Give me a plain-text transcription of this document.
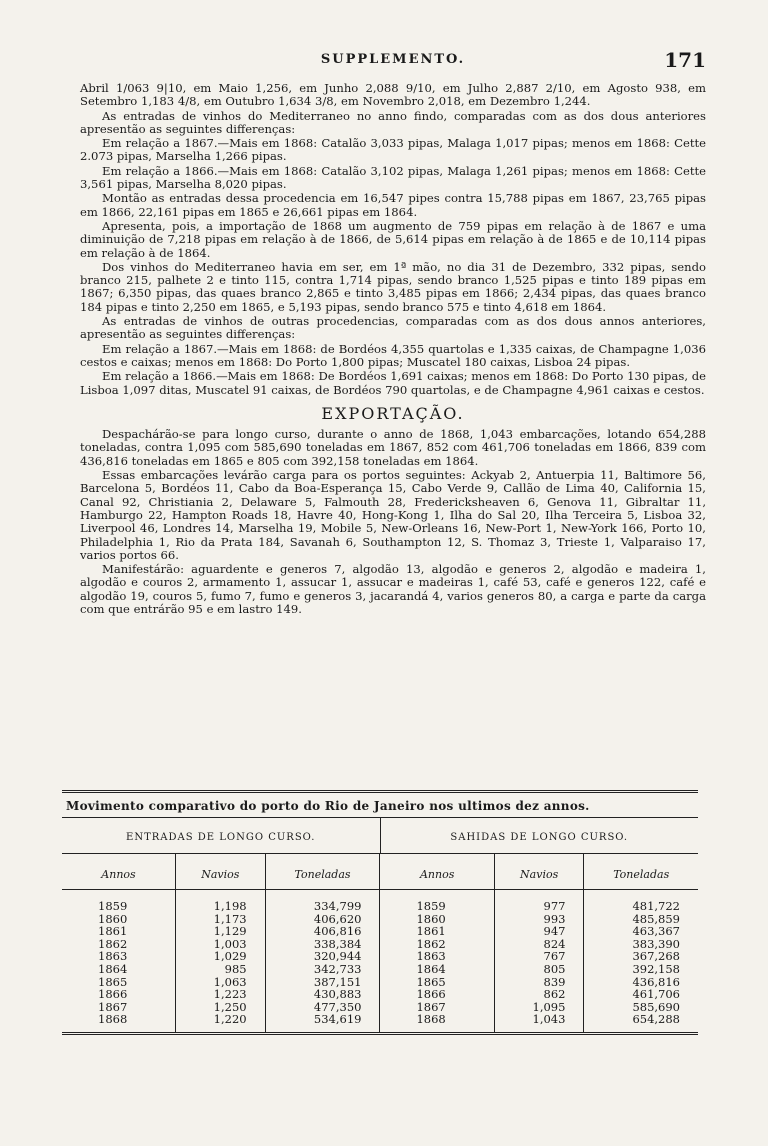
SUPPLEMENTO.	171

Abril 1/063 9|10, em Maio 1,256, em Junho 2,088 9/10, em Julho 2,887 2/10, em Agosto 938, em Setembro 1,183 4/8, em Outubro 1,634 3/8, em Novembro 2,018, em Dezembro 1,244.

As entradas de vinhos do Mediterraneo no anno findo, comparadas com as dos dous anteriores apresentão as seguintes differenças:

Em relação a 1867.—Mais em 1868: Catalão 3,033 pipas, Malaga 1,017 pipas; menos em 1868: Cette 2.073 pipas, Marselha 1,266 pipas.

Em relação a 1866.—Mais em 1868: Catalão 3,102 pipas, Malaga 1,261 pipas; menos em 1868: Cette 3,561 pipas, Marselha 8,020 pipas.

Montão as entradas dessa procedencia em 16,547 pipes contra 15,788 pipas em 1867, 23,765 pipas em 1866, 22,161 pipas em 1865 e 26,661 pipas em 1864.

Apresenta, pois, a importação de 1868 um augmento de 759 pipas em relação à de 1867 e uma diminuição de 7,218 pipas em relação à de 1866, de 5,614 pipas em relação à de 1865 e de 10,114 pipas em relação à de 1864.

Dos vinhos do Mediterraneo havia em ser, em 1ª mão, no dia 31 de Dezembro, 332 pipas, sendo branco 215, palhete 2 e tinto 115, contra 1,714 pipas, sendo branco 1,525 pipas e tinto 189 pipas em 1867; 6,350 pipas, das quaes branco 2,865 e tinto 3,485 pipas em 1866; 2,434 pipas, das quaes branco 184 pipas e tinto 2,250 em 1865, e 5,193 pipas, sendo branco 575 e tinto 4,618 em 1864.

As entradas de vinhos de outras procedencias, comparadas com as dos dous annos anteriores, apresentão as seguintes differenças:

Em relação a 1867.—Mais em 1868: de Bordéos 4,355 quartolas e 1,335 caixas, de Champagne 1,036 cestos e caixas; menos em 1868: Do Porto 1,800 pipas; Muscatel 180 caixas, Lisboa 24 pipas.

Em relação a 1866.—Mais em 1868: De Bordéos 1,691 caixas; menos em 1868: Do Porto 130 pipas, de Lisboa 1,097 ditas, Muscatel 91 caixas, de Bordéos 790 quartolas, e de Champagne 4,961 caixas e cestos.

EXPORTAÇÃO.

Despachárão-se para longo curso, durante o anno de 1868, 1,043 embarcações, lotando 654,288 toneladas, contra 1,095 com 585,690 toneladas em 1867, 852 com 461,706 toneladas em 1866, 839 com 436,816 toneladas em 1865 e 805 com 392,158 toneladas em 1864.

Essas embarcações levárão carga para os portos seguintes: Ackyab 2, Antuerpia 11, Baltimore 56, Barcelona 5, Bordéos 11, Cabo da Boa-Esperança 15, Cabo Verde 9, Callão de Lima 40, California 15, Canal 92, Christiania 2, Delaware 5, Falmouth 28, Fredericksheaven 6, Genova 11, Gibraltar 11, Hamburgo 22, Hampton Roads 18, Havre 40, Hong-Kong 1, Ilha do Sal 20, Ilha Terceira 5, Lisboa 32, Liverpool 46, Londres 14, Marselha 19, Mobile 5, New-Orleans 16, New-Port 1, New-York 166, Porto 10, Philadelphia 1, Rio da Prata 184, Savanah 6, Southampton 12, S. Thomaz 3, Trieste 1, Valparaiso 17, varios portos 66.

Manifestárão: aguardente e generos 7, algodão 13, algodão e generos 2, algodão e madeira 1, algodão e couros 2, armamento 1, assucar 1, assucar e madeiras 1, café 53, café e generos 122, café e algodão 19, couros 5, fumo 7, fumo e generos 3, jacarandá 4, varios generos 80, a carga e parte da carga com que entrárão 95 e em lastro 149.

Movimento comparativo do porto do Rio de Janeiro nos ultimos dez annos.
ENTRADAS DE LONGO CURSO.	SAHIDAS DE LONGO CURSO.
Annos	Navios	Toneladas	Annos	Navios	Toneladas
1859	1,198	334,799	1859	977	481,722
1860	1,173	406,620	1860	993	485,859
1861	1,129	406,816	1861	947	463,367
1862	1,003	338,384	1862	824	383,390
1863	1,029	320,944	1863	767	367,268
1864	985	342,733	1864	805	392,158
1865	1,063	387,151	1865	839	436,816
1866	1,223	430,883	1866	862	461,706
1867	1,250	477,350	1867	1,095	585,690
1868	1,220	534,619	1868	1,043	654,288
